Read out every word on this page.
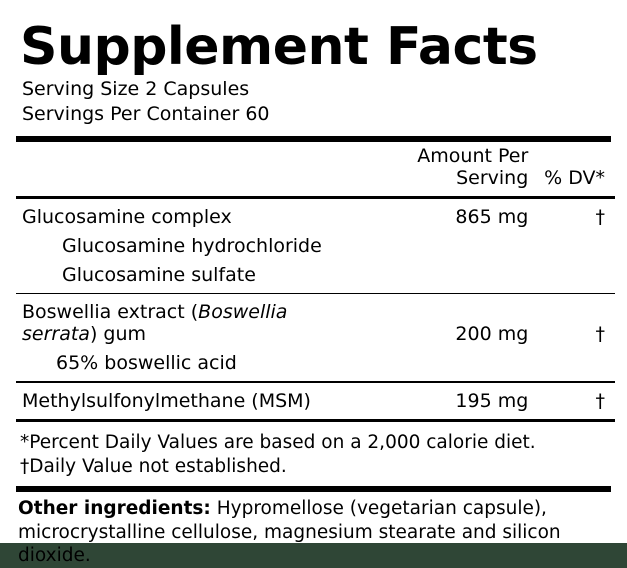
Supplement Facts
Serving Size 2 Capsules
Servings Per Container 60
	Amount Per Serving	% DV*

Glucosamine complex	865 mg	†
Glucosamine hydrochloride		
Glucosamine sulfate		

Boswellia extract (Boswellia serrata) gum	200 mg	†
65% boswellic acid		

Methylsulfonylmethane (MSM)	195 mg	†

*Percent Daily Values are based on a 2,000 calorie diet.
†Daily Value not established.
Other ingredients: Hypromellose (vegetarian capsule), microcrystalline cellulose, magnesium stearate and silicon dioxide.
